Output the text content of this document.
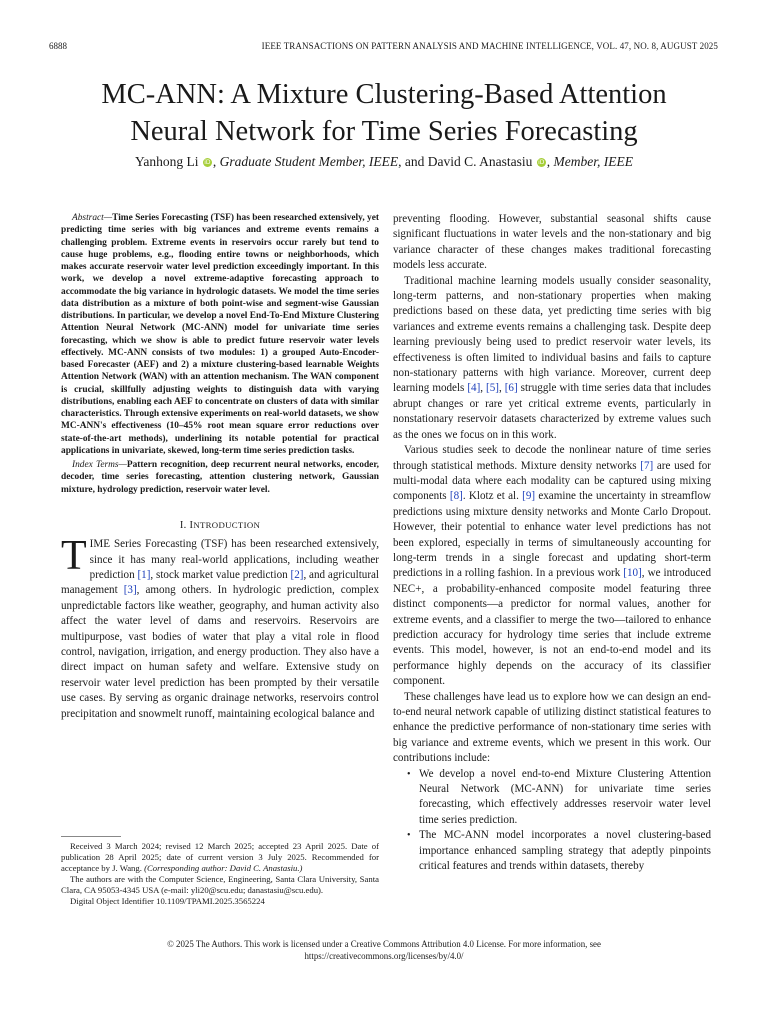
6888	IEEE TRANSACTIONS ON PATTERN ANALYSIS AND MACHINE INTELLIGENCE, VOL. 47, NO. 8, AUGUST 2025
MC-ANN: A Mixture Clustering-Based Attention
Neural Network for Time Series Forecasting
Yanhong Li iD , Graduate Student Member, IEEE, and David C. Anastasiu iD , Member, IEEE

Abstract—Time Series Forecasting (TSF) has been researched extensively, yet predicting time series with big variances and extreme events remains a challenging problem. Extreme events in reservoirs occur rarely but tend to cause huge problems, e.g., flooding entire towns or neighborhoods, which makes accurate reservoir water level prediction exceedingly important. In this work, we develop a novel extreme-adaptive forecasting approach to accommodate the big variance in hydrologic datasets. We model the time series data distribution as a mixture of both point-wise and segment-wise Gaussian distributions. In particular, we develop a novel End-To-End Mixture Clustering Attention Neural Network (MC-ANN) model for univariate time series forecasting, which we show is able to predict future reservoir water levels effectively. MC-ANN consists of two modules: 1) a grouped Auto-Encoder-based Forecaster (AEF) and 2) a mixture clustering-based learnable Weights Attention Network (WAN) with an attention mechanism. The WAN component is crucial, skillfully adjusting weights to distinguish data with varying distributions, enabling each AEF to concentrate on clusters of data with similar characteristics. Through extensive experiments on real-world datasets, we show MC-ANN's effectiveness (10–45% root mean square error reductions over state-of-the-art methods), underlining its notable potential for practical applications in univariate, skewed, long-term time series prediction tasks.

Index Terms—Pattern recognition, deep recurrent neural networks, encoder, decoder, time series forecasting, attention clustering network, Gaussian mixture, hydrology prediction, reservoir water level.

I. INTRODUCTION

TIME Series Forecasting (TSF) has been researched extensively, since it has many real-world applications, including weather prediction [1], stock market value prediction [2], and agricultural management [3], among others. In hydrologic prediction, complex unpredictable factors like weather, geography, and human activity also affect the water level of dams and reservoirs. Reservoirs are multipurpose, vast bodies of water that play a vital role in flood control, navigation, irrigation, and energy production. They also have a direct impact on human safety and welfare. Extensive study on reservoir water level prediction has been prompted by their versatile use cases. By serving as organic drainage networks, reservoirs control precipitation and snowmelt runoff, maintaining ecological balance and

Received 3 March 2024; revised 12 March 2025; accepted 23 April 2025. Date of publication 28 April 2025; date of current version 3 July 2025. Recommended for acceptance by J. Wang. (Corresponding author: David C. Anastasiu.)

The authors are with the Computer Science, Engineering, Santa Clara University, Santa Clara, CA 95053-4345 USA (e-mail: yli20@scu.edu; danastasiu@scu.edu).

Digital Object Identifier 10.1109/TPAMI.2025.3565224

preventing flooding. However, substantial seasonal shifts cause significant fluctuations in water levels and the non-stationary and big variance character of these changes makes traditional forecasting models less accurate.

Traditional machine learning models usually consider seasonality, long-term patterns, and non-stationary properties when making predictions based on these data, yet predicting time series with big variances and extreme events remains a challenging task. Despite deep learning previously being used to predict reservoir water levels, its effectiveness is often limited to individual basins and fails to capture non-stationary patterns with high variance. Moreover, current deep learning models [4], [5], [6] struggle with time series data that includes abrupt changes or rare yet critical extreme events, particularly in nonstationary reservoir datasets characterized by extreme values such as the ones we focus on in this work.

Various studies seek to decode the nonlinear nature of time series through statistical methods. Mixture density networks [7] are used for multi-modal data where each modality can be captured using mixing components [8]. Klotz et al. [9] examine the uncertainty in streamflow predictions using mixture density networks and Monte Carlo Dropout. However, their potential to enhance water level predictions has not been explored, especially in terms of simultaneously accounting for long-term trends in a single forecast and updating short-term predictions in a rolling fashion. In a previous work [10], we introduced NEC+, a probability-enhanced composite model featuring three distinct components—a predictor for normal values, another for extreme events, and a classifier to merge the two—tailored to enhance prediction accuracy for hydrology time series that include extreme events. This model, however, is not an end-to-end model and its performance highly depends on the accuracy of its classifier component.

These challenges have lead us to explore how we can design an end-to-end neural network capable of utilizing distinct statistical features to enhance the predictive performance of non-stationary time series with big variance and extreme events, which we present in this work. Our contributions include:

• We develop a novel end-to-end Mixture Clustering Attention Neural Network (MC-ANN) for univariate time series forecasting, which effectively addresses reservoir water level time series prediction.
• The MC-ANN model incorporates a novel clustering-based importance enhanced sampling strategy that adeptly pinpoints critical features and trends within datasets, thereby
© 2025 The Authors. This work is licensed under a Creative Commons Attribution 4.0 License. For more information, see
https://creativecommons.org/licenses/by/4.0/
